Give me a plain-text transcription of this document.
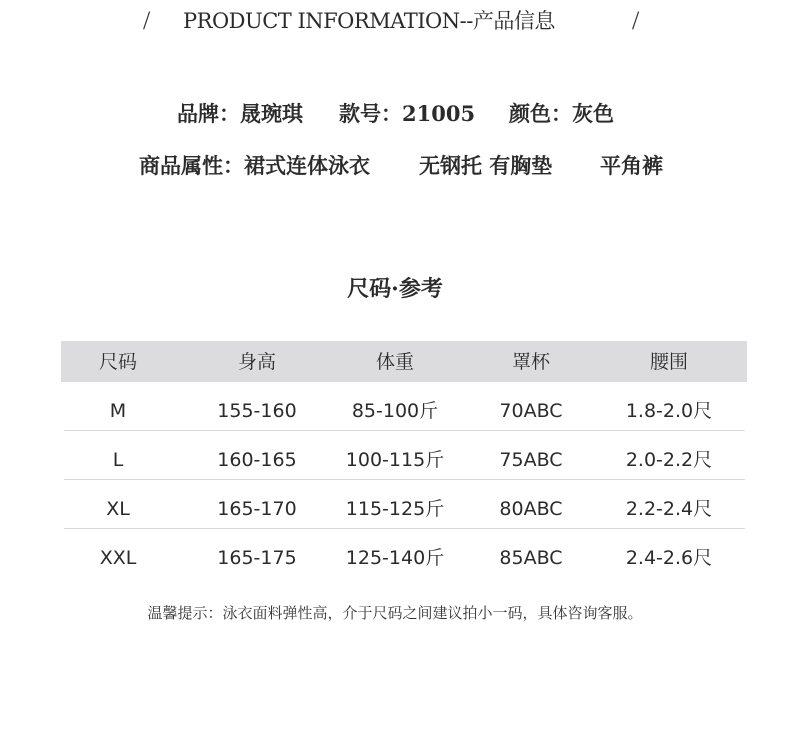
/ PRODUCT INFORMATION--产品信息	/
品牌：晟琬琪 款号：21005 颜色：灰色
商品属性：裙式连体泳衣 无钢托 有胸垫 平角裤
尺码·参考
尺码	身高	体重	罩杯	腰围
M	155-160	85-100斤	70ABC	1.8-2.0尺
L	160-165	100-115斤	75ABC	2.0-2.2尺
XL	165-170	115-125斤	80ABC	2.2-2.4尺
XXL	165-175	125-140斤	85ABC	2.4-2.6尺
温馨提示：泳衣面料弹性高，介于尺码之间建议拍小一码，具体咨询客服。
